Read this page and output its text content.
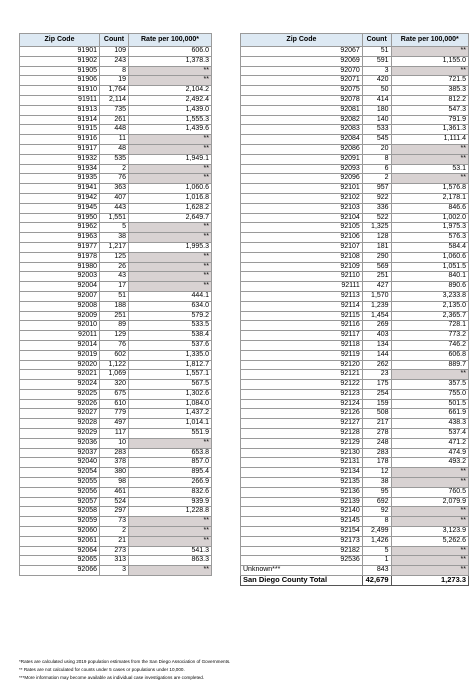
Zip Code	Count	Rate per 100,000*
91901	109	606.0
91902	243	1,378.3
91905	8	**
91906	19	**
91910	1,764	2,104.2
91911	2,114	2,492.4
91913	735	1,439.0
91914	261	1,555.3
91915	448	1,439.6
91916	11	**
91917	48	**
91932	535	1,949.1
91934	2	**
91935	76	**
91941	363	1,060.6
91942	407	1,016.8
91945	443	1,628.2
91950	1,551	2,649.7
91962	5	**
91963	38	**
91977	1,217	1,995.3
91978	125	**
91980	26	**
92003	43	**
92004	17	**
92007	51	444.1
92008	188	634.0
92009	251	579.2
92010	89	533.5
92011	129	538.4
92014	76	537.6
92019	602	1,335.0
92020	1,122	1,812.7
92021	1,069	1,557.1
92024	320	567.5
92025	675	1,302.6
92026	610	1,084.0
92027	779	1,437.2
92028	497	1,014.1
92029	117	551.9
92036	10	**
92037	283	653.8
92040	378	857.0
92054	380	895.4
92055	98	266.9
92056	461	832.6
92057	524	939.9
92058	297	1,228.8
92059	73	**
92060	2	**
92061	21	**
92064	273	541.3
92065	313	863.3
92066	3	**
Zip Code	Count	Rate per 100,000*
92067	51	**
92069	591	1,155.0
92070	3	**
92071	420	721.5
92075	50	385.3
92078	414	812.2
92081	180	547.3
92082	140	791.9
92083	533	1,361.3
92084	545	1,111.4
92086	20	**
92091	8	**
92093	6	53.1
92096	2	**
92101	957	1,576.8
92102	922	2,178.1
92103	336	846.6
92104	522	1,002.0
92105	1,325	1,975.3
92106	128	576.3
92107	181	584.4
92108	290	1,060.6
92109	569	1,051.5
92110	251	840.1
92111	427	890.6
92113	1,570	3,233.8
92114	1,239	2,135.0
92115	1,454	2,365.7
92116	269	728.1
92117	403	773.2
92118	134	746.2
92119	144	606.8
92120	262	889.7
92121	23	**
92122	175	357.5
92123	254	755.0
92124	159	501.5
92126	508	661.9
92127	217	438.3
92128	278	537.4
92129	248	471.2
92130	283	474.9
92131	178	493.2
92134	12	**
92135	38	**
92136	95	760.5
92139	692	2,079.9
92140	92	**
92145	8	**
92154	2,499	3,123.9
92173	1,426	5,262.6
92182	5	**
92536	1	**
Unknown***	843	**
San Diego County Total	42,679	1,273.3
*Rates are calculated using 2019 population estimates from the San Diego Association of Governments.
** Rates are not calculated for counts under 5 cases or populations under 10,000.
***More information may become available as individual case investigations are completed.
